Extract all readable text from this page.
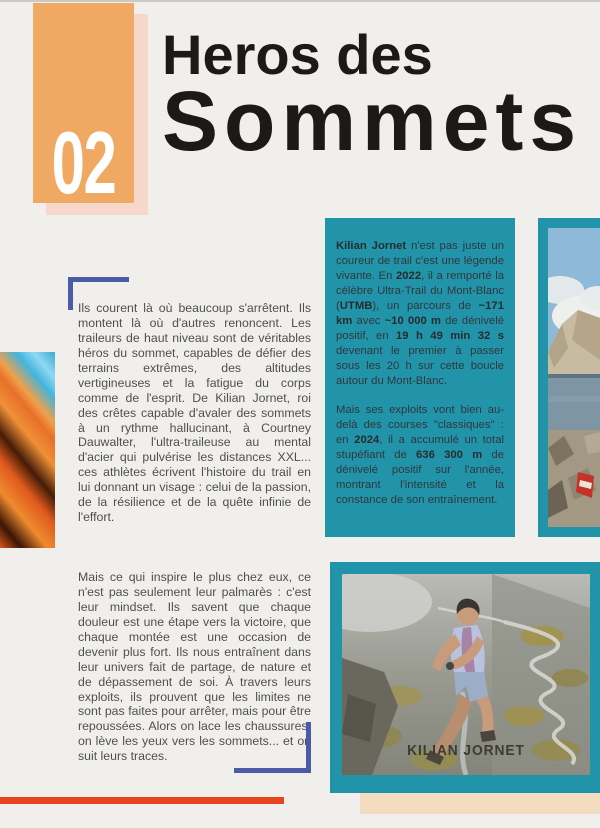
02
Heros des
Sommets

Ils courent là où beaucoup s'arrêtent. Ils montent là où d'autres renoncent. Les traileurs de haut niveau sont de véritables héros du sommet, capables de défier des terrains extrêmes, des altitudes vertigineuses et la fatigue du corps comme de l'esprit. De Kilian Jornet, roi des crêtes capable d'avaler des sommets à un rythme hallucinant, à Courtney Dauwalter, l'ultra-traileuse au mental d'acier qui pulvérise les distances XXL... ces athlètes écrivent l'histoire du trail en lui donnant un visage : celui de la passion, de la résilience et de la quête infinie de l'effort.

Mais ce qui inspire le plus chez eux, ce n'est pas seulement leur palmarès : c'est leur mindset. Ils savent que chaque douleur est une étape vers la victoire, que chaque montée est une occasion de devenir plus fort. Ils nous entraînent dans leur univers fait de partage, de nature et de dépassement de soi. À travers leurs exploits, ils prouvent que les limites ne sont pas faites pour arrêter, mais pour être repoussées. Alors on lace les chaussures, on lève les yeux vers les sommets... et on suit leurs traces.

Kilian Jornet n'est pas juste un coureur de trail c'est une légende vivante. En 2022, il a remporté la célèbre Ultra-Trail du Mont-Blanc (UTMB), un parcours de ~171 km avec ~10 000 m de dénivelé positif, en 19 h 49 min 32 s devenant le premier à passer sous les 20 h sur cette boucle autour du Mont-Blanc.

Mais ses exploits vont bien au-delà des courses "classiques" : en 2024, il a accumulé un total stupéfiant de 636 300 m de dénivelé positif sur l'année, montrant l'intensité et la constance de son entraînement.

KILIAN JORNET
